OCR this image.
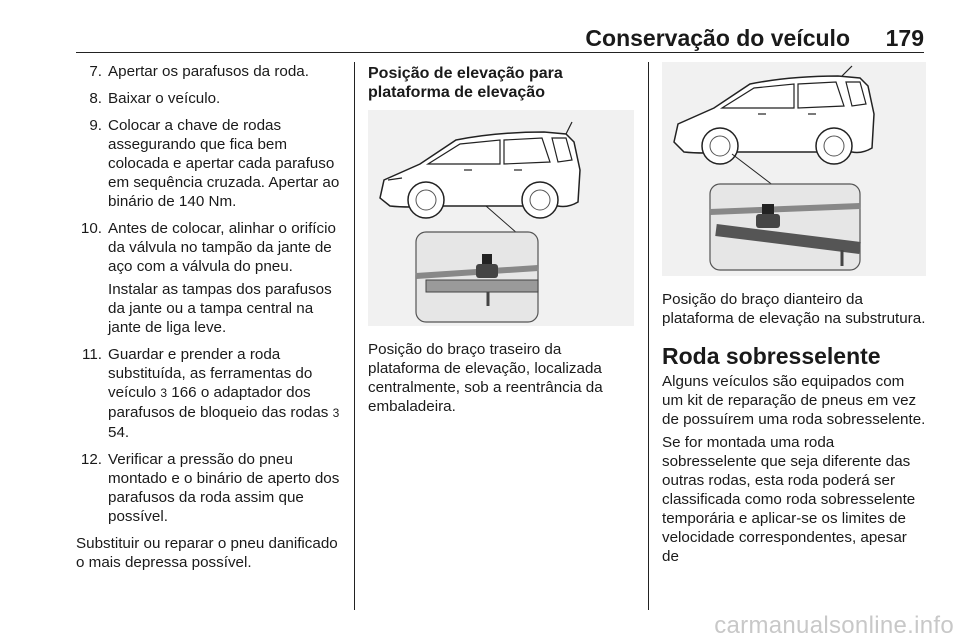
Conservação do veículo 179
7. Apertar os parafusos da roda.

8. Baixar o veículo.

9. Colocar a chave de rodas assegurando que fica bem colocada e apertar cada parafuso em sequência cruzada. Apertar ao binário de 140 Nm.

10. Antes de colocar, alinhar o orifício da válvula no tampão da jante de aço com a válvula do pneu.

Instalar as tampas dos parafusos da jante ou a tampa central na jante de liga leve.

11. Guardar e prender a roda substituída, as ferramentas do veículo 3 166 o adaptador dos parafusos de bloqueio das rodas 3 54.

12. Verificar a pressão do pneu montado e o binário de aperto dos parafusos da roda assim que possível.

Substituir ou reparar o pneu danificado o mais depressa possível.

Posição de elevação para plataforma de elevação

Posição do braço traseiro da plataforma de elevação, localizada centralmente, sob a reentrância da embaladeira.

Posição do braço dianteiro da plataforma de elevação na substrutura.

Roda sobresselente

Alguns veículos são equipados com um kit de reparação de pneus em vez de possuírem uma roda sobresselente.

Se for montada uma roda sobresselente que seja diferente das outras rodas, esta roda poderá ser classificada como roda sobresselente temporária e aplicar-se os limites de velocidade correspondentes, apesar de

carmanualsonline.info
